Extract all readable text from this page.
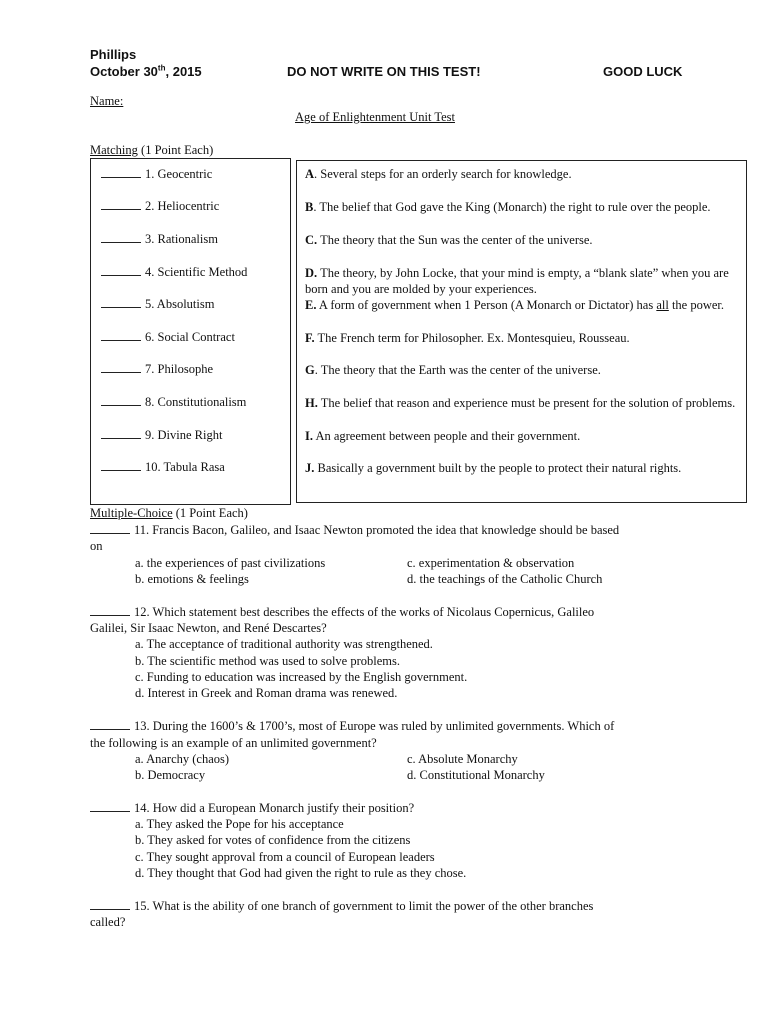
Phillips
October 30th, 2015	DO NOT WRITE ON THIS TEST!	GOOD LUCK
Name:
Age of Enlightenment Unit Test
Matching (1 Point Each)
1. Geocentric
2. Heliocentric
3. Rationalism
4. Scientific Method
5. Absolutism
6. Social Contract
7. Philosophe
8. Constitutionalism
9. Divine Right
10. Tabula Rasa
A. Several steps for an orderly search for knowledge.
B. The belief that God gave the King (Monarch) the right to rule over the people.
C. The theory that the Sun was the center of the universe.
D. The theory, by John Locke, that your mind is empty, a “blank slate” when you are born and you are molded by your experiences.
E. A form of government when 1 Person (A Monarch or Dictator) has all the power.
F. The French term for Philosopher. Ex. Montesquieu, Rousseau.
G. The theory that the Earth was the center of the universe.
H. The belief that reason and experience must be present for the solution of problems.
I. An agreement between people and their government.
J. Basically a government built by the people to protect their natural rights.
Multiple-Choice (1 Point Each)
11. Francis Bacon, Galileo, and Isaac Newton promoted the idea that knowledge should be based
on
a. the experiences of past civilizations	c. experimentation & observation
b. emotions & feelings	d. the teachings of the Catholic Church
12. Which statement best describes the effects of the works of Nicolaus Copernicus, Galileo
Galilei, Sir Isaac Newton, and René Descartes?
a. The acceptance of traditional authority was strengthened.
b. The scientific method was used to solve problems.
c. Funding to education was increased by the English government.
d. Interest in Greek and Roman drama was renewed.
13. During the 1600’s & 1700’s, most of Europe was ruled by unlimited governments. Which of
the following is an example of an unlimited government?
a. Anarchy (chaos)	c. Absolute Monarchy
b. Democracy	d. Constitutional Monarchy
14. How did a European Monarch justify their position?
a. They asked the Pope for his acceptance
b. They asked for votes of confidence from the citizens
c. They sought approval from a council of European leaders
d. They thought that God had given the right to rule as they chose.
15. What is the ability of one branch of government to limit the power of the other branches
called?
